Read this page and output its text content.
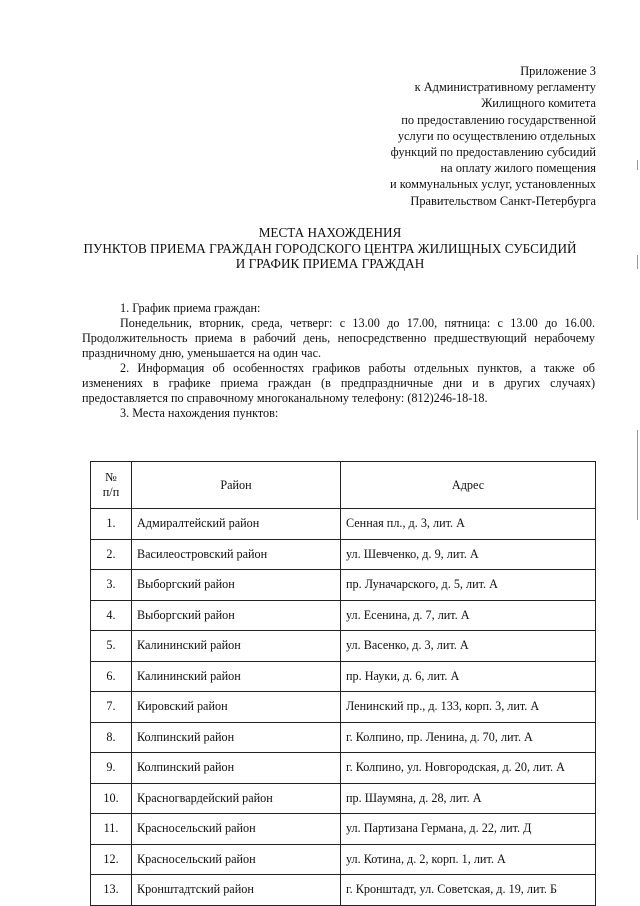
Приложение 3
к Административному регламенту
Жилищного комитета
по предоставлению государственной
услуги по осуществлению отдельных
функций по предоставлению субсидий
на оплату жилого помещения
и коммунальных услуг, установленных
Правительством Санкт-Петербурга
МЕСТА НАХОЖДЕНИЯ
ПУНКТОВ ПРИЕМА ГРАЖДАН ГОРОДСКОГО ЦЕНТРА ЖИЛИЩНЫХ СУБСИДИЙ
И ГРАФИК ПРИЕМА ГРАЖДАН

1. График приема граждан:

Понедельник, вторник, среда, четверг: с 13.00 до 17.00, пятница: с 13.00 до 16.00. Продолжительность приема в рабочий день, непосредственно предшествующий нерабочему праздничному дню, уменьшается на один час.

2. Информация об особенностях графиков работы отдельных пунктов, а также об изменениях в графике приема граждан (в предпраздничные дни и в других случаях) предоставляется по справочному многоканальному телефону: (812)246-18-18.

3. Места нахождения пунктов:

№
п/п	Район	Адрес
1.	Адмиралтейский район	Сенная пл., д. 3, лит. А
2.	Василеостровский район	ул. Шевченко, д. 9, лит. А
3.	Выборгский район	пр. Луначарского, д. 5, лит. А
4.	Выборгский район	ул. Есенина, д. 7, лит. А
5.	Калининский район	ул. Васенко, д. 3, лит. А
6.	Калининский район	пр. Науки, д. 6, лит. А
7.	Кировский район	Ленинский пр., д. 133, корп. 3, лит. А
8.	Колпинский район	г. Колпино, пр. Ленина, д. 70, лит. А
9.	Колпинский район	г. Колпино, ул. Новгородская, д. 20, лит. А
10.	Красногвардейский район	пр. Шаумяна, д. 28, лит. А
11.	Красносельский район	ул. Партизана Германа, д. 22, лит. Д
12.	Красносельский район	ул. Котина, д. 2, корп. 1, лит. А
13.	Кронштадтский район	г. Кронштадт, ул. Советская, д. 19, лит. Б
